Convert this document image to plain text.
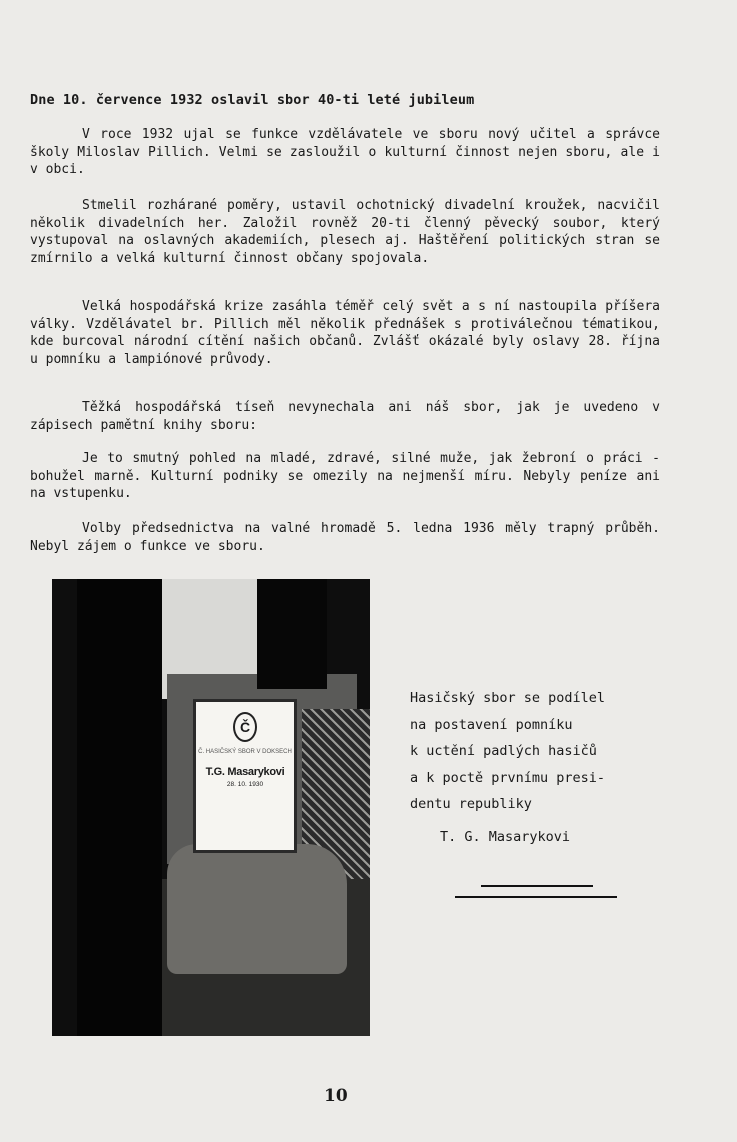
Dne 10. července 1932 oslavil sbor 40-ti leté jubileum

V roce 1932 ujal se funkce vzdělávatele ve sboru nový učitel a správce školy Miloslav Pillich. Velmi se zasloužil o kulturní činnost nejen sboru, ale i v obci.

Stmelil rozhárané poměry, ustavil ochotnický divadelní kroužek, nacvičil několik divadelních her. Založil rovněž 20-ti členný pěvecký soubor, který vystupoval na oslavných akademiích, plesech aj. Haštěření politických stran se zmírnilo a velká kulturní činnost občany spojovala.

Velká hospodářská krize zasáhla téměř celý svět a s ní nastoupila příšera války. Vzdělávatel br. Pillich měl několik přednášek s protiválečnou tématikou, kde burcoval národní cítění našich občanů. Zvlášť okázalé byly oslavy 28. října u pomníku a lampiónové průvody.

Těžká hospodářská tíseň nevynechala ani náš sbor, jak je uvedeno v zápisech pamětní knihy sboru:

Je to smutný pohled na mladé, zdravé, silné muže, jak žebroní o práci - bohužel marně. Kulturní podniky se omezily na nejmenší míru. Nebyly peníze ani na vstupenku.

Volby předsednictva na valné hromadě 5. ledna 1936 měly trapný průběh. Nebyl zájem o funkce ve sboru.

Č
Č. HASIČSKÝ SBOR V DOKSECH
T.G. Masarykovi
28. 10. 1930
Hasičský sbor se podílel
na postavení pomníku
k uctění padlých hasičů
a k poctě prvnímu presi-
dentu republiky
T. G. Masarykovi
10
